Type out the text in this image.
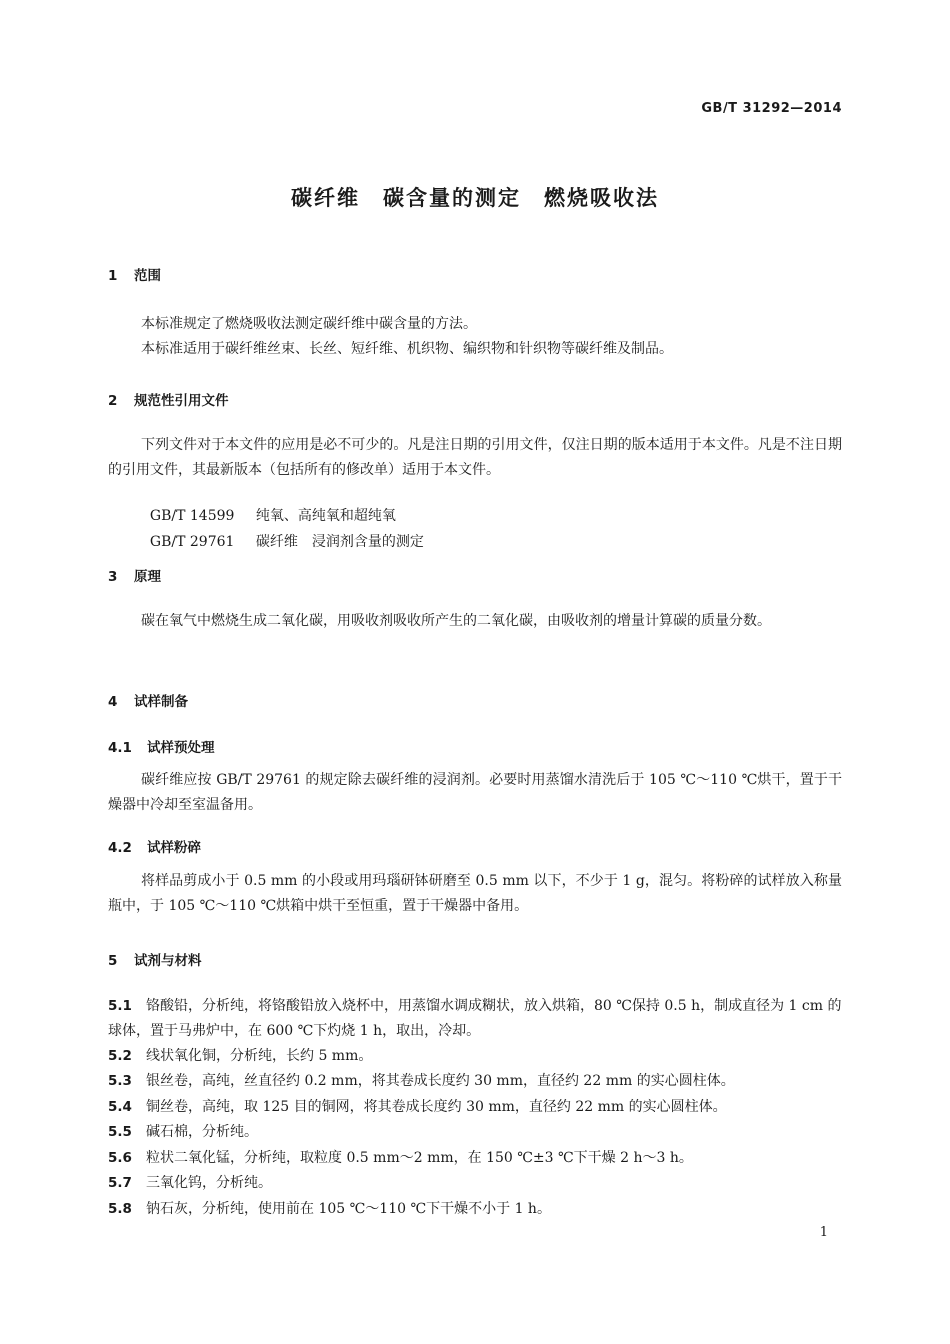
GB/T 31292—2014
碳纤维　碳含量的测定　燃烧吸收法
1 范围
本标准规定了燃烧吸收法测定碳纤维中碳含量的方法。
本标准适用于碳纤维丝束、长丝、短纤维、机织物、编织物和针织物等碳纤维及制品。
2 规范性引用文件
下列文件对于本文件的应用是必不可少的。凡是注日期的引用文件，仅注日期的版本适用于本文件。凡是不注日期的引用文件，其最新版本（包括所有的修改单）适用于本文件。

GB/T 14599 纯氧、高纯氧和超纯氧

GB/T 29761 碳纤维　浸润剂含量的测定

3 原理
碳在氧气中燃烧生成二氧化碳，用吸收剂吸收所产生的二氧化碳，由吸收剂的增量计算碳的质量分数。
4 试样制备
4.1 试样预处理
碳纤维应按 GB/T 29761 的规定除去碳纤维的浸润剂。必要时用蒸馏水清洗后于 105 ℃～110 ℃烘干，置于干燥器中冷却至室温备用。
4.2 试样粉碎
将样品剪成小于 0.5 mm 的小段或用玛瑙研钵研磨至 0.5 mm 以下，不少于 1 g，混匀。将粉碎的试样放入称量瓶中，于 105 ℃～110 ℃烘箱中烘干至恒重，置于干燥器中备用。
5 试剂与材料
5.1 铬酸铅，分析纯，将铬酸铅放入烧杯中，用蒸馏水调成糊状，放入烘箱，80 ℃保持 0.5 h，制成直径为 1 cm 的球体，置于马弗炉中，在 600 ℃下灼烧 1 h，取出，冷却。
5.2 线状氧化铜，分析纯，长约 5 mm。
5.3 银丝卷，高纯，丝直径约 0.2 mm，将其卷成长度约 30 mm，直径约 22 mm 的实心圆柱体。
5.4 铜丝卷，高纯，取 125 目的铜网，将其卷成长度约 30 mm，直径约 22 mm 的实心圆柱体。
5.5 碱石棉，分析纯。
5.6 粒状二氧化锰，分析纯，取粒度 0.5 mm～2 mm，在 150 ℃±3 ℃下干燥 2 h～3 h。
5.7 三氧化钨，分析纯。
5.8 钠石灰，分析纯，使用前在 105 ℃～110 ℃下干燥不小于 1 h。
1
